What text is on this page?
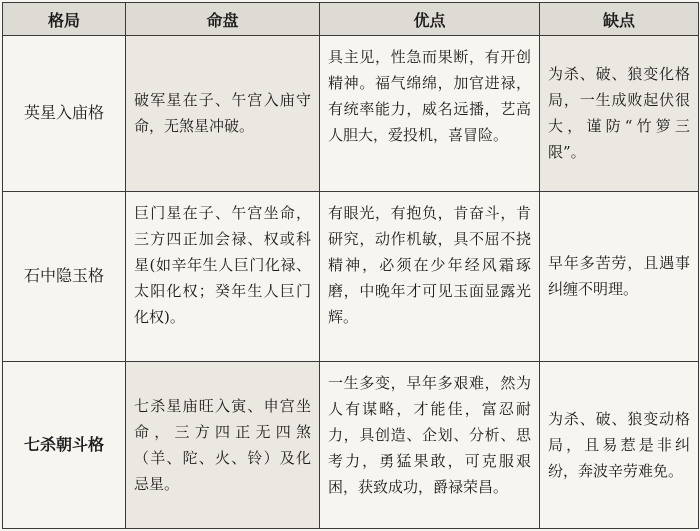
格局	命盘	优点	缺点
英星入庙格	破军星在子、午宫入庙守命，无煞星冲破。	具主见，性急而果断，有开创精神。福气绵绵，加官进禄，有统率能力，威名远播，艺高人胆大，爱投机，喜冒险。	为杀、破、狼变化格局，一生成败起伏很大，谨防“竹箩三限”。
石中隐玉格	巨门星在子、午宫坐命，三方四正加会禄、权或科星(如辛年生人巨门化禄、太阳化权；癸年生人巨门化权)。	有眼光，有抱负，肯奋斗，肯研究，动作机敏，具不屈不挠精神，必须在少年经风霜琢磨，中晚年才可见玉面显露光辉。	早年多苦劳，且遇事纠缠不明理。
七杀朝斗格	七杀星庙旺入寅、申宫坐命，三方四正无四煞（羊、陀、火、铃）及化忌星。	一生多变，早年多艰难，然为人有谋略，才能佳，富忍耐力，具创造、企划、分析、思考力，勇猛果敢，可克服艰困，获致成功，爵禄荣昌。	为杀、破、狼变动格局，且易惹是非纠纷，奔波辛劳难免。
